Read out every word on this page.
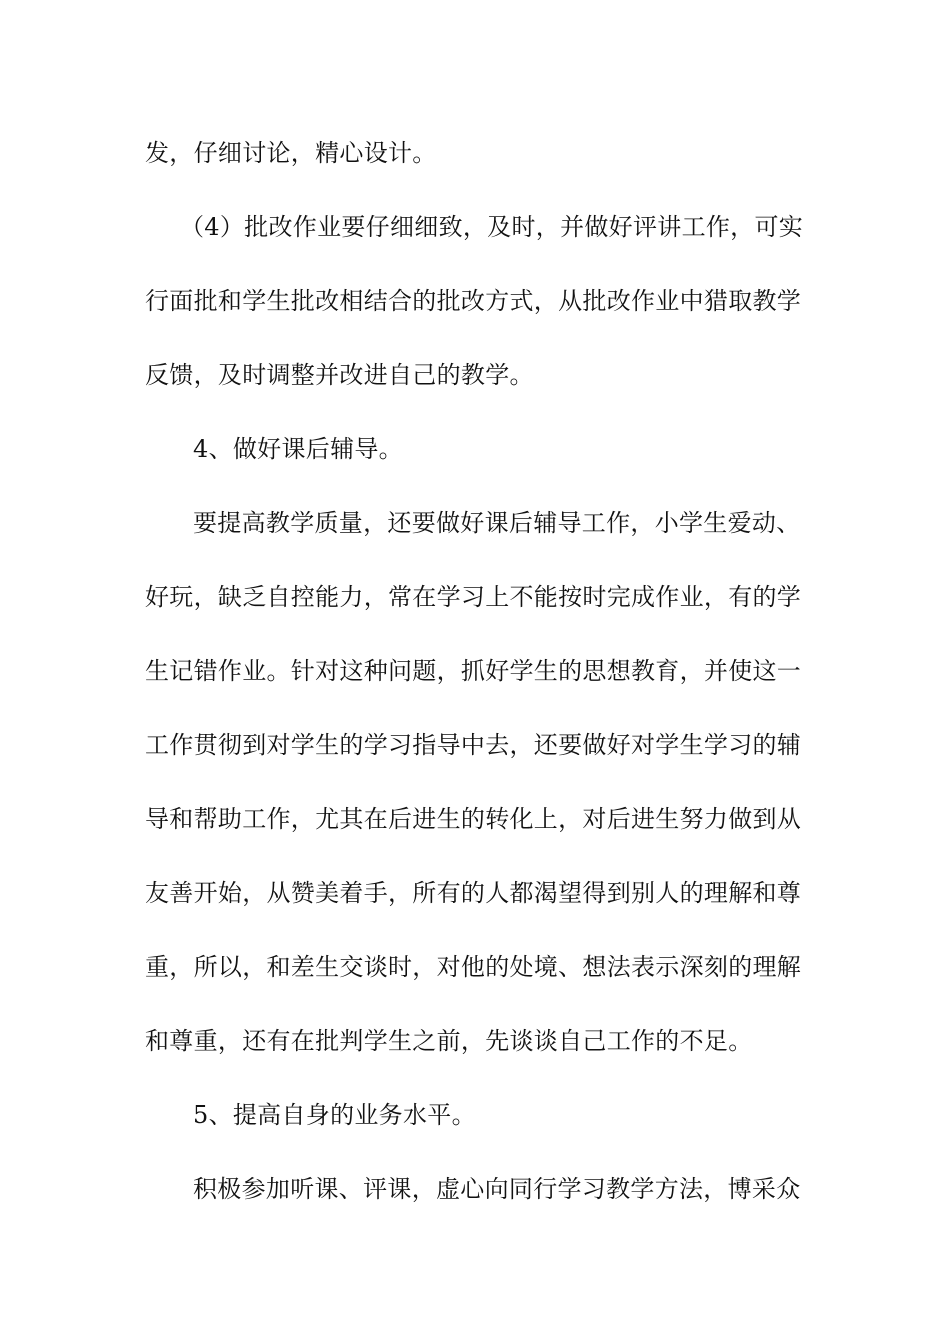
发，仔细讨论，精心设计。
（4）批改作业要仔细细致，及时，并做好评讲工作，可实
行面批和学生批改相结合的批改方式，从批改作业中猎取教学
反馈，及时调整并改进自己的教学。
4、做好课后辅导。
要提高教学质量，还要做好课后辅导工作，小学生爱动、
好玩，缺乏自控能力，常在学习上不能按时完成作业，有的学
生记错作业。针对这种问题，抓好学生的思想教育，并使这一
工作贯彻到对学生的学习指导中去，还要做好对学生学习的辅
导和帮助工作，尤其在后进生的转化上，对后进生努力做到从
友善开始，从赞美着手，所有的人都渴望得到别人的理解和尊
重，所以，和差生交谈时，对他的处境、想法表示深刻的理解
和尊重，还有在批判学生之前，先谈谈自己工作的不足。
5、提高自身的业务水平。
积极参加听课、评课，虚心向同行学习教学方法，博采众
